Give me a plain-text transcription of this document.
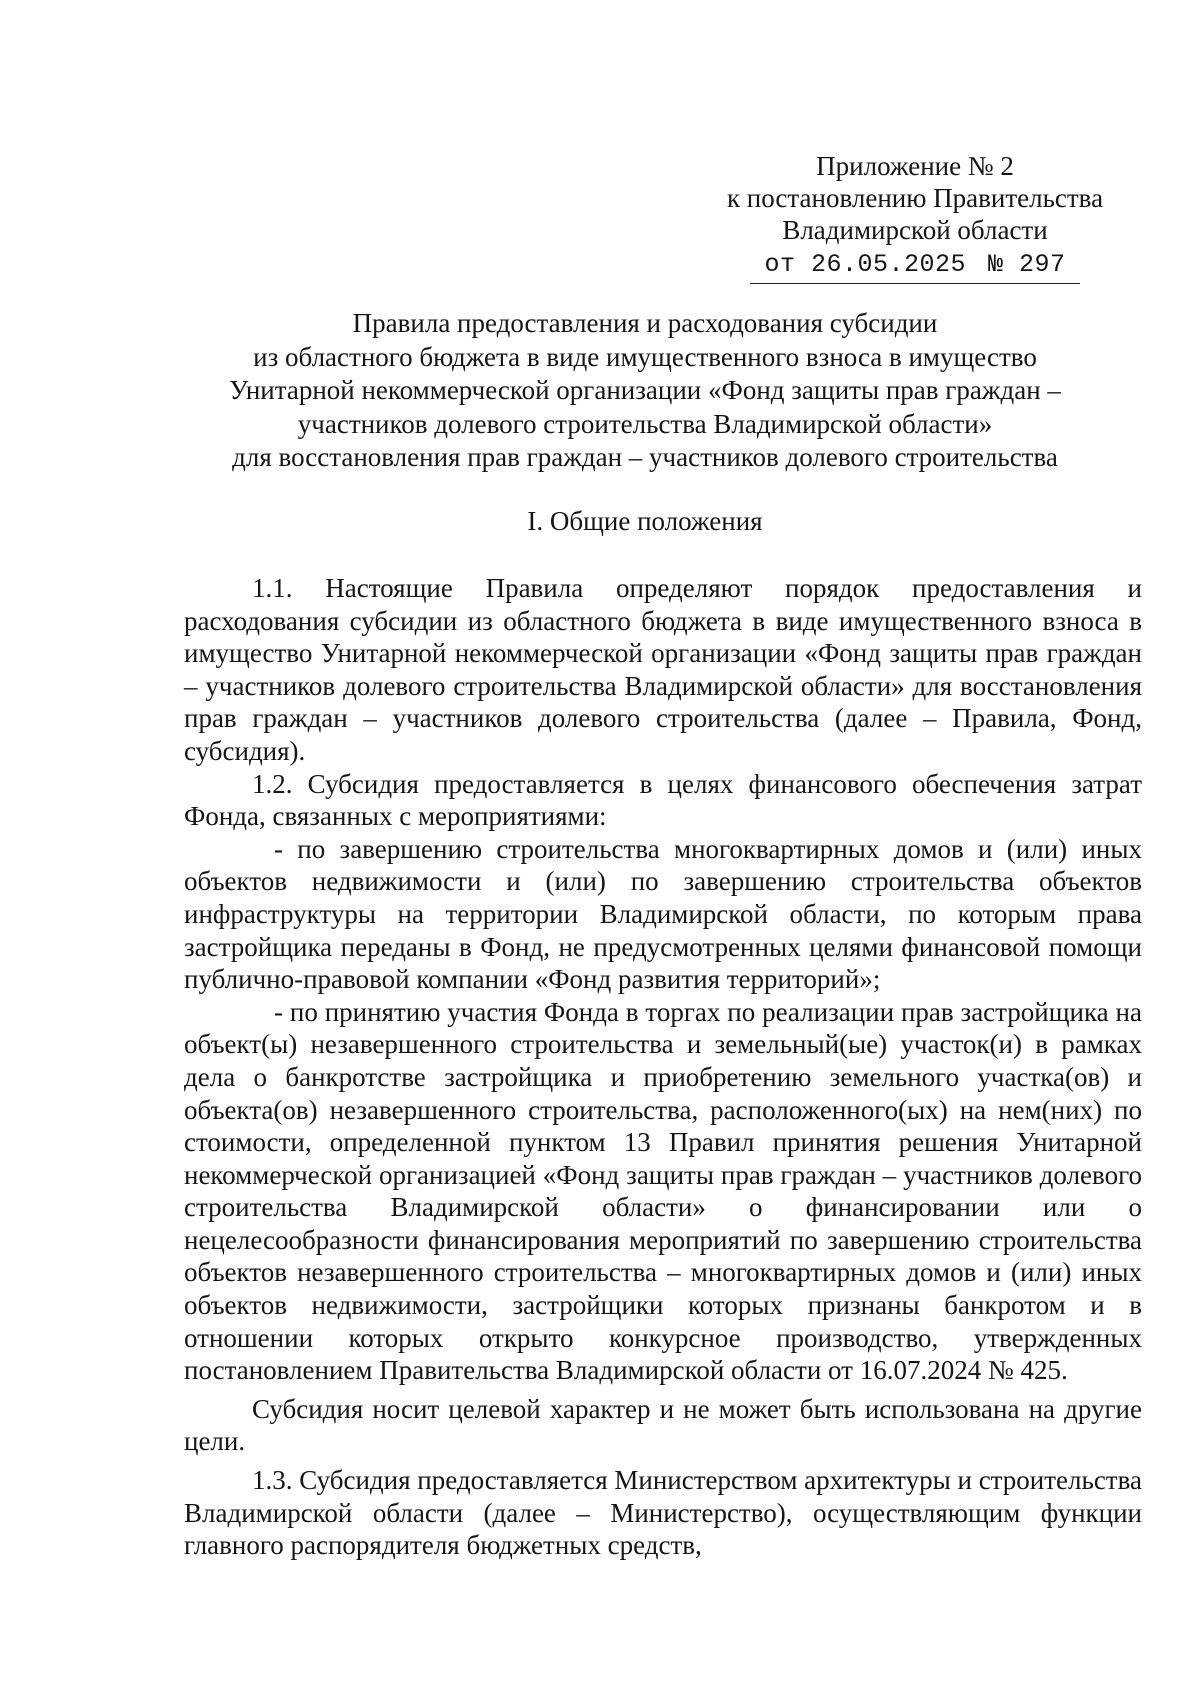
Приложение № 2
к постановлению Правительства
Владимирской области
от 26.05.2025 № 297
Правила предоставления и расходования субсидии
из областного бюджета в виде имущественного взноса в имущество
Унитарной некоммерческой организации «Фонд защиты прав граждан –
участников долевого строительства Владимирской области»
для восстановления прав граждан – участников долевого строительства
I. Общие положения

1.1. Настоящие Правила определяют порядок предоставления и расходования субсидии из областного бюджета в виде имущественного взноса в имущество Унитарной некоммерческой организации «Фонд защиты прав граждан – участников долевого строительства Владимирской области» для восстановления прав граждан – участников долевого строительства (далее – Правила, Фонд, субсидия).

1.2. Субсидия предоставляется в целях финансового обеспечения затрат Фонда, связанных с мероприятиями:

- по завершению строительства многоквартирных домов и (или) иных объектов недвижимости и (или) по завершению строительства объектов инфраструктуры на территории Владимирской области, по которым права застройщика переданы в Фонд, не предусмотренных целями финансовой помощи публично-правовой компании «Фонд развития территорий»;

- по принятию участия Фонда в торгах по реализации прав застройщика на объект(ы) незавершенного строительства и земельный(ые) участок(и) в рамках дела о банкротстве застройщика и приобретению земельного участка(ов) и объекта(ов) незавершенного строительства, расположенного(ых) на нем(них) по стоимости, определенной пунктом 13 Правил принятия решения Унитарной некоммерческой организацией «Фонд защиты прав граждан – участников долевого строительства Владимирской области» о финансировании или о нецелесообразности финансирования мероприятий по завершению строительства объектов незавершенного строительства – многоквартирных домов и (или) иных объектов недвижимости, застройщики которых признаны банкротом и в отношении которых открыто конкурсное производство, утвержденных постановлением Правительства Владимирской области от 16.07.2024 № 425.

Субсидия носит целевой характер и не может быть использована на другие цели.

1.3. Субсидия предоставляется Министерством архитектуры и строительства Владимирской области (далее – Министерство), осуществляющим функции главного распорядителя бюджетных средств,
